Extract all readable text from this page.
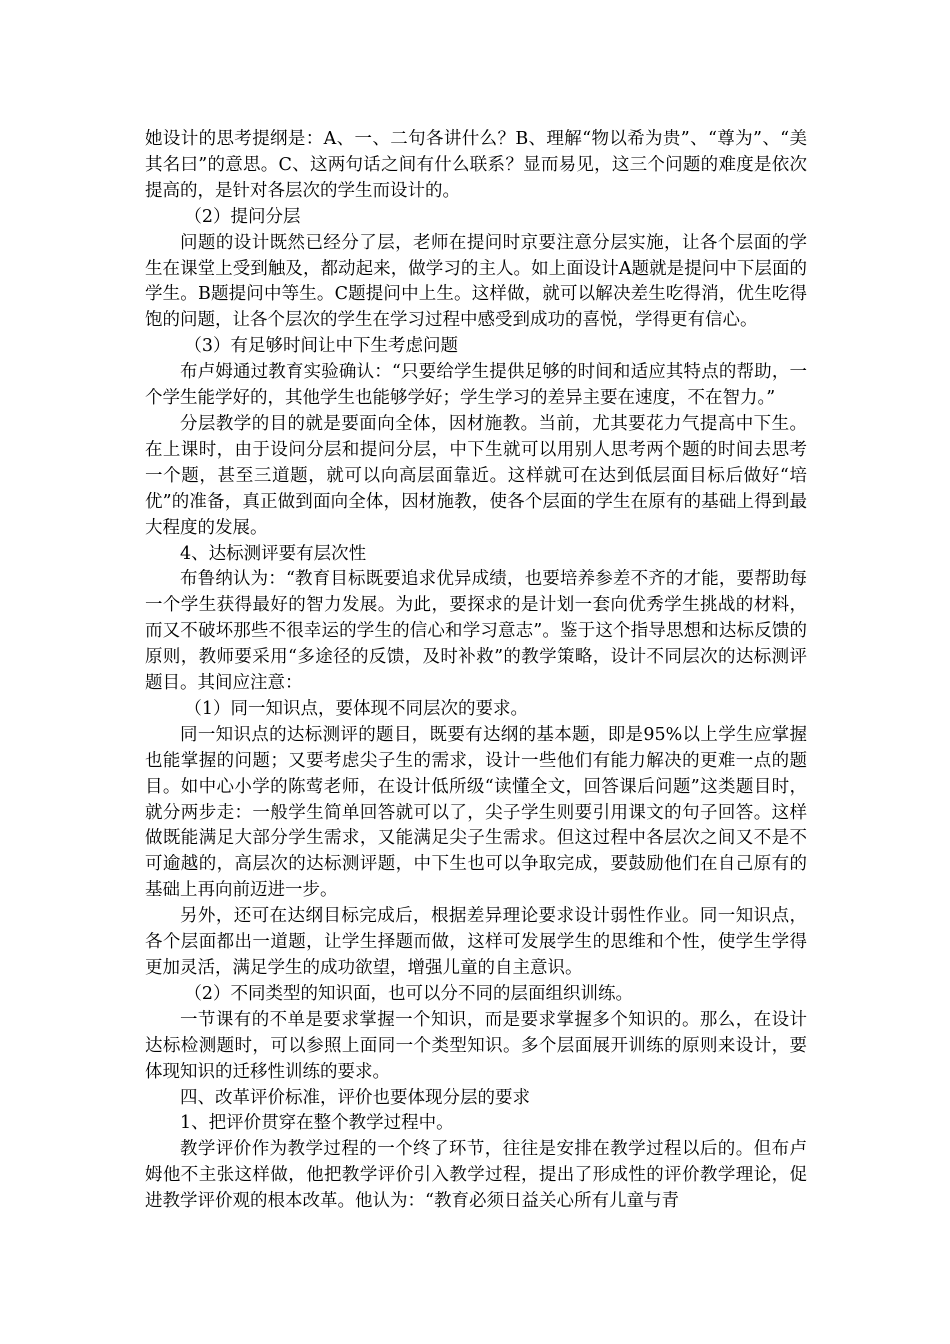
她设计的思考提纲是：A、一、二句各讲什么？B、理解“物以希为贵”、“尊为”、“美其名曰”的意思。C、这两句话之间有什么联系？显而易见，这三个问题的难度是依次提高的，是针对各层次的学生而设计的。

（2）提问分层

问题的设计既然已经分了层，老师在提问时京要注意分层实施，让各个层面的学生在课堂上受到触及，都动起来，做学习的主人。如上面设计A题就是提问中下层面的学生。B题提问中等生。C题提问中上生。这样做，就可以解决差生吃得消，优生吃得饱的问题，让各个层次的学生在学习过程中感受到成功的喜悦，学得更有信心。

（3）有足够时间让中下生考虑问题

布卢姆通过教育实验确认：“只要给学生提供足够的时间和适应其特点的帮助，一个学生能学好的，其他学生也能够学好；学生学习的差异主要在速度，不在智力。”

分层教学的目的就是要面向全体，因材施教。当前，尤其要花力气提高中下生。在上课时，由于设问分层和提问分层，中下生就可以用别人思考两个题的时间去思考一个题，甚至三道题，就可以向高层面靠近。这样就可在达到低层面目标后做好“培优”的准备，真正做到面向全体，因材施教，使各个层面的学生在原有的基础上得到最大程度的发展。

4、达标测评要有层次性

布鲁纳认为：“教育目标既要追求优异成绩，也要培养参差不齐的才能，要帮助每一个学生获得最好的智力发展。为此，要探求的是计划一套向优秀学生挑战的材料，而又不破坏那些不很幸运的学生的信心和学习意志”。鉴于这个指导思想和达标反馈的原则，教师要采用“多途径的反馈，及时补救”的教学策略，设计不同层次的达标测评题目。其间应注意：

（1）同一知识点，要体现不同层次的要求。

同一知识点的达标测评的题目，既要有达纲的基本题，即是95%以上学生应掌握也能掌握的问题；又要考虑尖子生的需求，设计一些他们有能力解决的更难一点的题目。如中心小学的陈莺老师，在设计低所级“读懂全文，回答课后问题”这类题目时，就分两步走：一般学生简单回答就可以了，尖子学生则要引用课文的句子回答。这样做既能满足大部分学生需求，又能满足尖子生需求。但这过程中各层次之间又不是不可逾越的，高层次的达标测评题，中下生也可以争取完成，要鼓励他们在自己原有的基础上再向前迈进一步。

另外，还可在达纲目标完成后，根据差异理论要求设计弱性作业。同一知识点，各个层面都出一道题，让学生择题而做，这样可发展学生的思维和个性，使学生学得更加灵活，满足学生的成功欲望，增强儿童的自主意识。

（2）不同类型的知识面，也可以分不同的层面组织训练。

一节课有的不单是要求掌握一个知识，而是要求掌握多个知识的。那么，在设计达标检测题时，可以参照上面同一个类型知识。多个层面展开训练的原则来设计，要体现知识的迁移性训练的要求。

四、改革评价标准，评价也要体现分层的要求

1、把评价贯穿在整个教学过程中。

教学评价作为教学过程的一个终了环节，往往是安排在教学过程以后的。但布卢姆他不主张这样做，他把教学评价引入教学过程，提出了形成性的评价教学理论，促进教学评价观的根本改革。他认为：“教育必须日益关心所有儿童与青
